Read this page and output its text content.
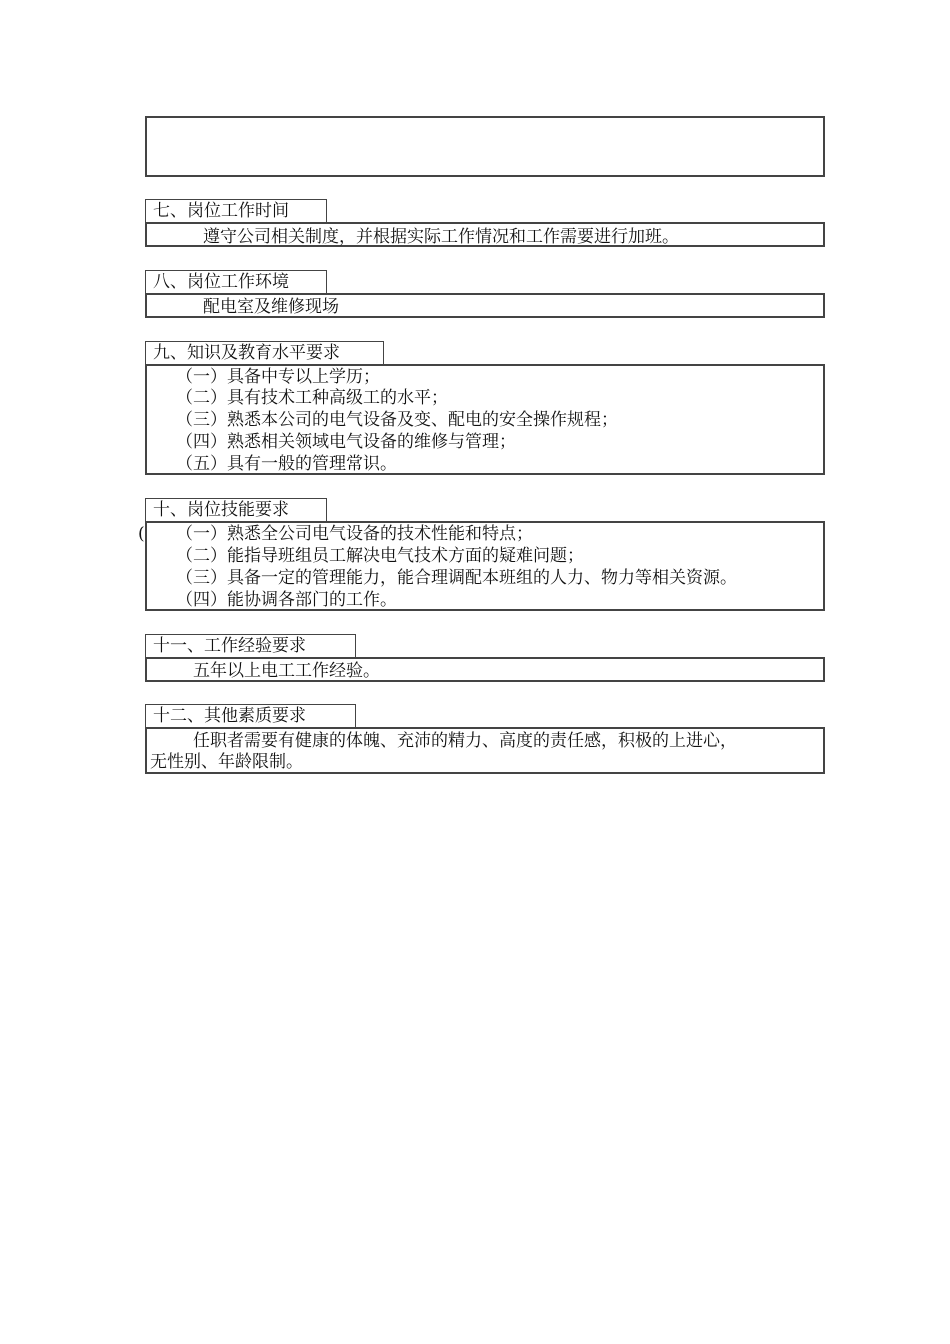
七、岗位工作时间
遵守公司相关制度，并根据实际工作情况和工作需要进行加班。
八、岗位工作环境
配电室及维修现场
九、知识及教育水平要求
（一）具备中专以上学历；
（二）具有技术工种高级工的水平；
（三）熟悉本公司的电气设备及变、配电的安全操作规程；
（四）熟悉相关领域电气设备的维修与管理；
（五）具有一般的管理常识。
十、岗位技能要求
( （一）熟悉全公司电气设备的技术性能和特点；
（二）能指导班组员工解决电气技术方面的疑难问题；
（三）具备一定的管理能力，能合理调配本班组的人力、物力等相关资源。
（四）能协调各部门的工作。
十一、工作经验要求
五年以上电工工作经验。
十二、其他素质要求
任职者需要有健康的体魄、充沛的精力、高度的责任感，积极的上进心，
无性别、年龄限制。
